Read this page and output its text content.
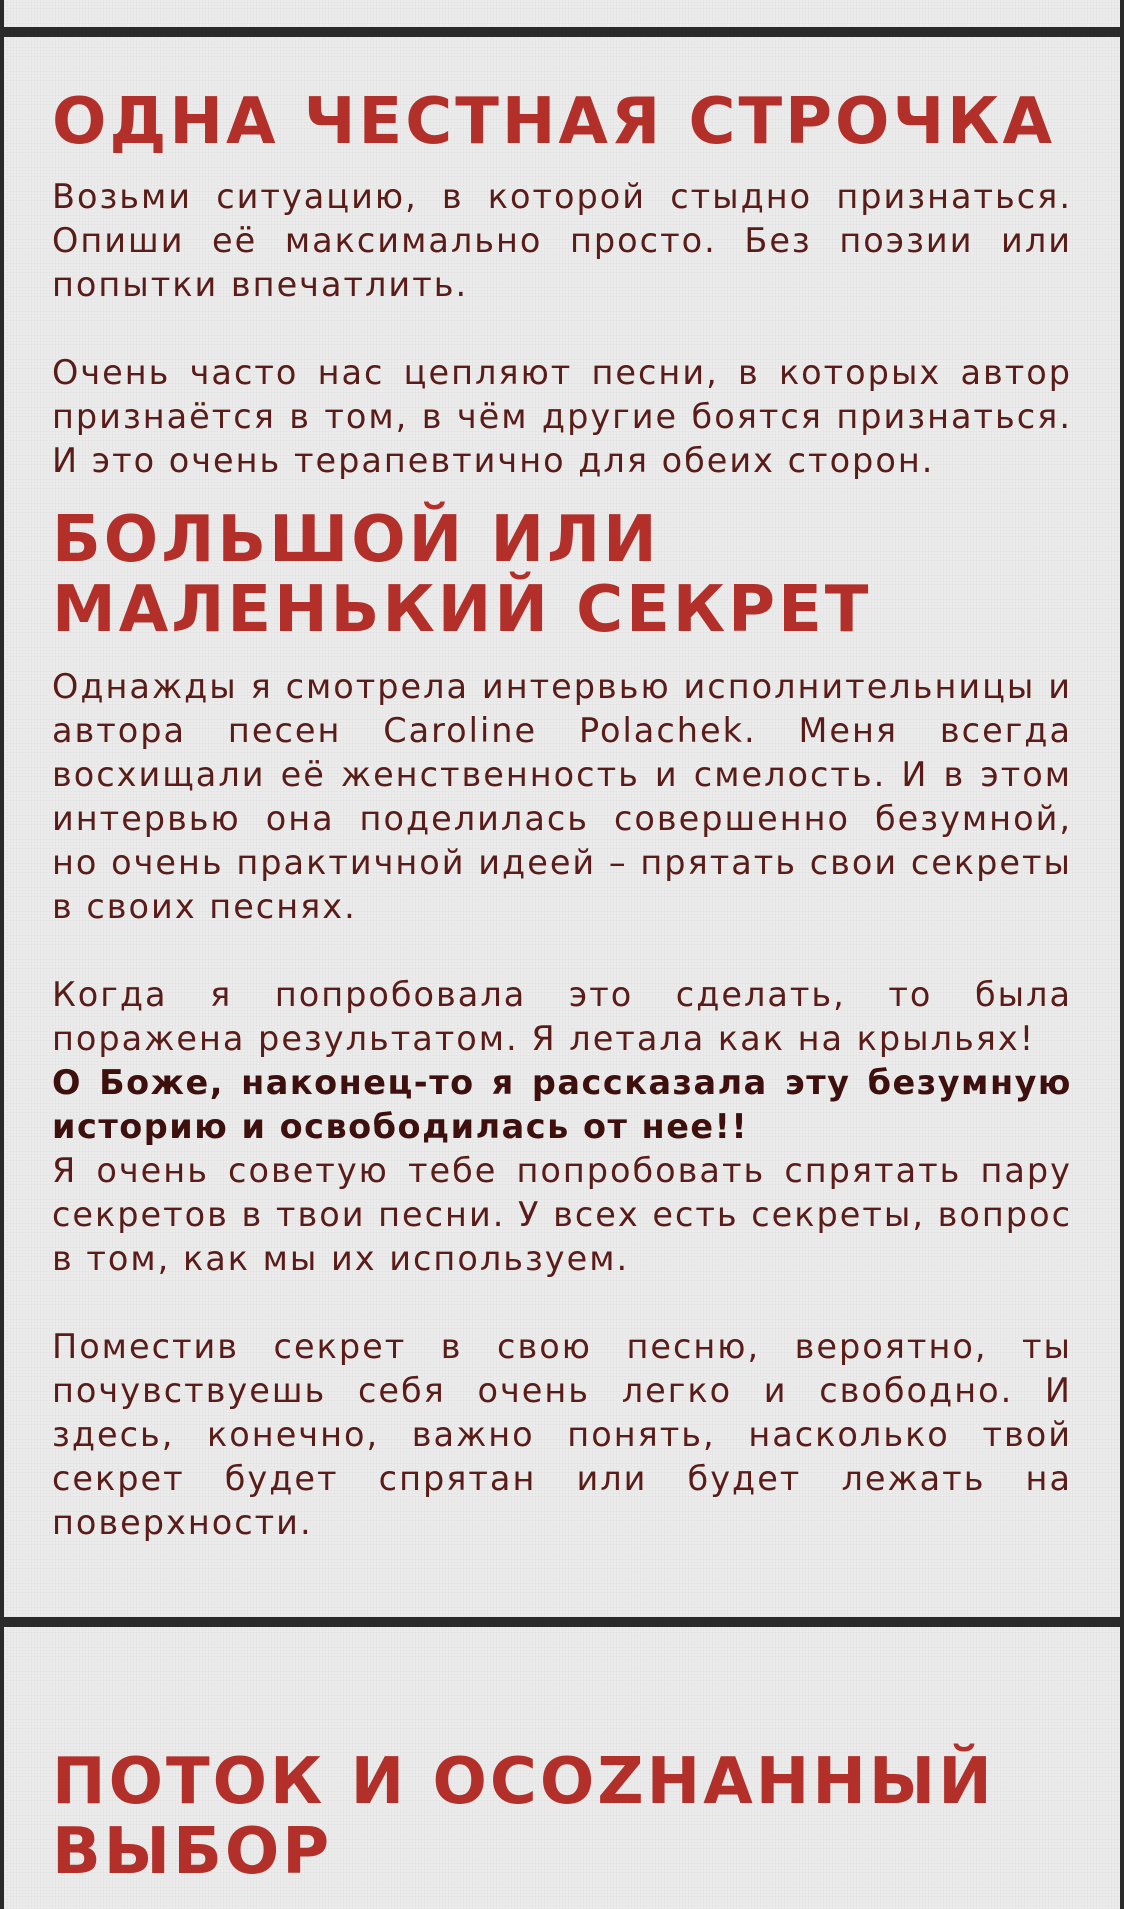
ОДНА ЧЕСТНАЯ СТРОЧКА

Возьми ситуацию, в которой стыдно признаться. Опиши её максимально просто. Без поэзии или попытки впечатлить.

Очень часто нас цепляют песни, в которых автор признаётся в том, в чём другие боятся признаться. И это очень терапевтично для обеих сторон.

БОЛЬШОЙ ИЛИ МАЛЕНЬКИЙ СЕКРЕТ

Однажды я смотрела интервью исполнительницы и автора песен Caroline Polachek. Меня всегда восхищали её женственность и смелость. И в этом интервью она поделилась совершенно безумной, но очень практичной идеей – прятать свои секреты в своих песнях.

Когда я попробовала это сделать, то была поражена результатом. Я летала как на крыльях!
О Боже, наконец-то я рассказала эту безумную историю и освободилась от нее!!
Я очень советую тебе попробовать спрятать пару секретов в твои песни. У всех есть секреты, вопрос в том, как мы их используем.

Поместив секрет в свою песню, вероятно, ты почувствуешь себя очень легко и свободно. И здесь, конечно, важно понять, насколько твой секрет будет спрятан или будет лежать на поверхности.

ПОТОК И ОСОZНАННЫЙ ВЫБОР
